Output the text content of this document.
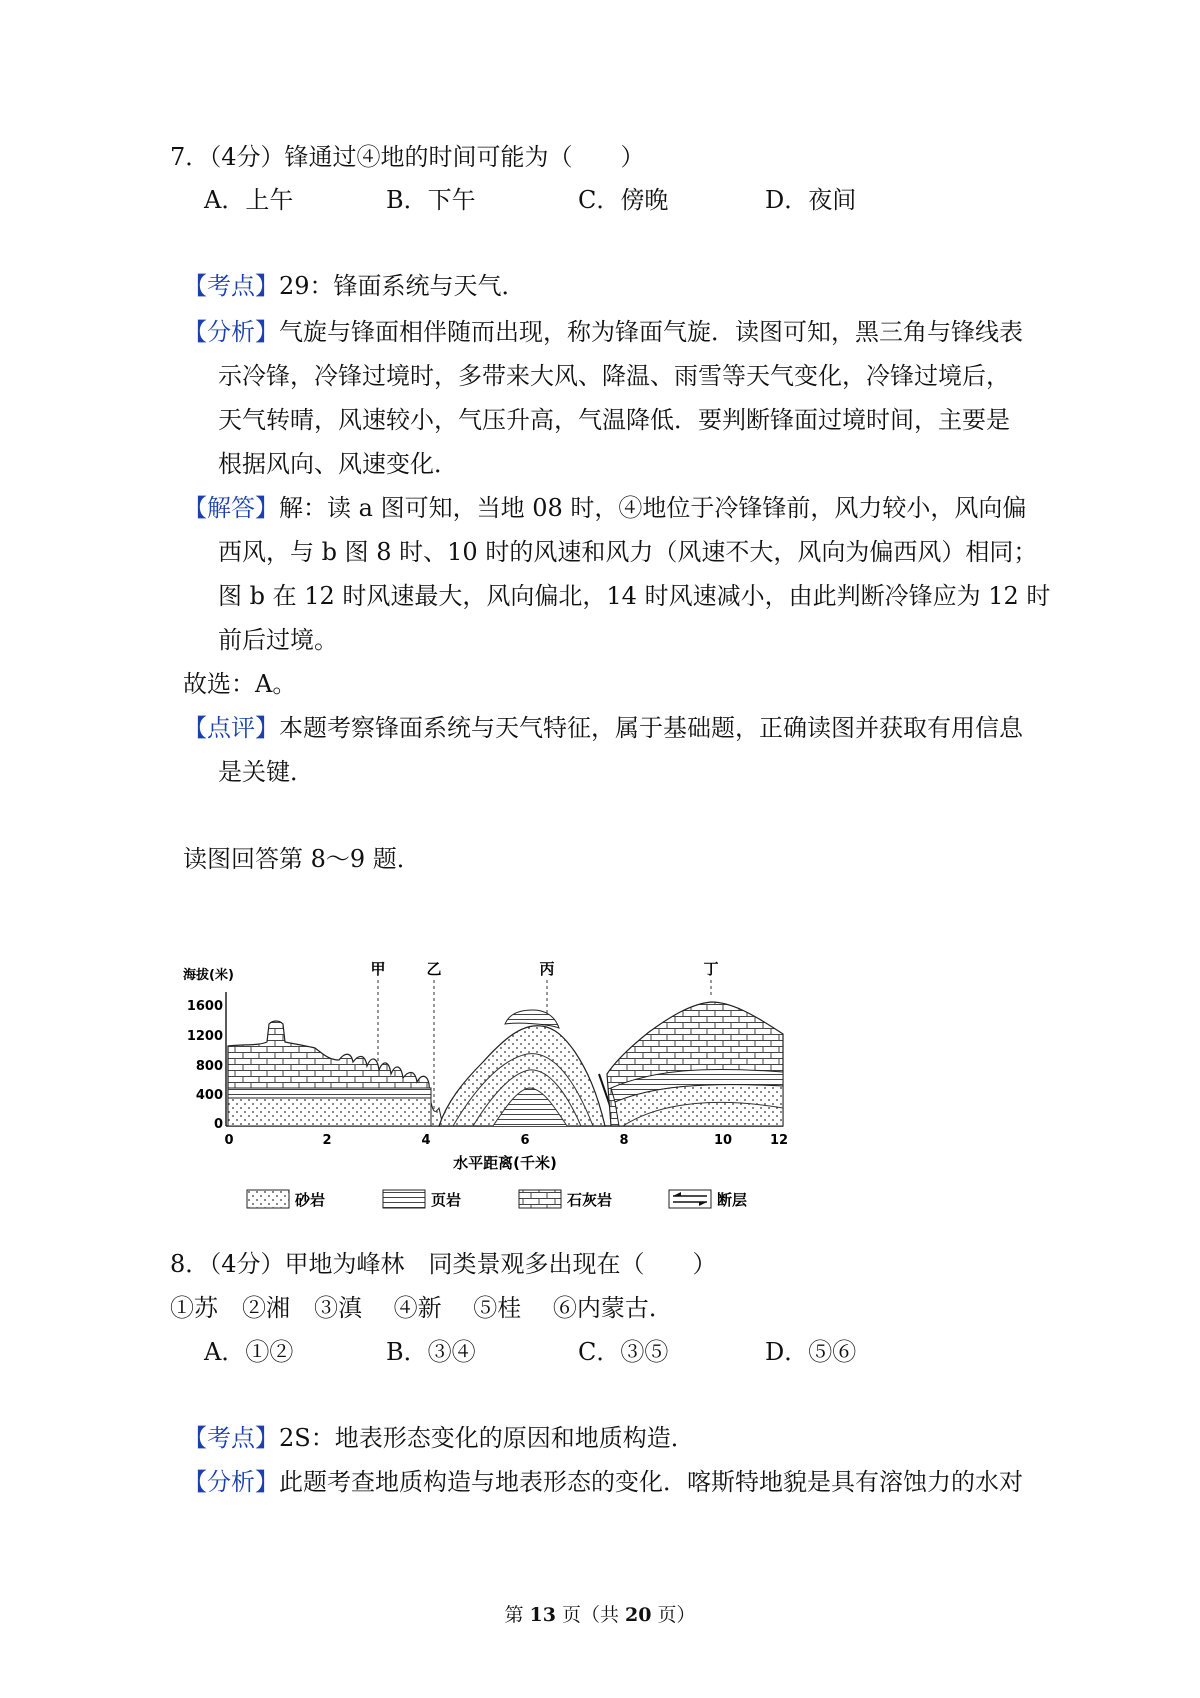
7．（4分）锋通过④地的时间可能为（　　）
A．上午	B．下午	C．傍晚	D．夜间
【考点】29：锋面系统与天气．
【分析】气旋与锋面相伴随而出现，称为锋面气旋．读图可知，黑三角与锋线表
示冷锋，冷锋过境时，多带来大风、降温、雨雪等天气变化，冷锋过境后，
天气转晴，风速较小，气压升高，气温降低．要判断锋面过境时间，主要是
根据风向、风速变化．
【解答】解：读 a 图可知，当地 08 时，④地位于冷锋锋前，风力较小，风向偏
西风，与 b 图 8 时、10 时的风速和风力（风速不大，风向为偏西风）相同；
图 b 在 12 时风速最大，风向偏北，14 时风速减小，由此判断冷锋应为 12 时
前后过境。
故选：A。
【点评】本题考察锋面系统与天气特征，属于基础题，正确读图并获取有用信息
是关键．
读图回答第 8～9 题．
海拔(米)
1600
1200
800
400
0
甲	乙	丙	丁
0	2	4	6	8	10	12
水平距离(千米)
砂岩	页岩	石灰岩	断层
8．（4分）甲地为峰林　同类景观多出现在（　　）
①苏　②湘　③滇　 ④新　 ⑤桂　 ⑥内蒙古．
A．①②	B．③④	C．③⑤	D．⑤⑥
【考点】2S：地表形态变化的原因和地质构造．
【分析】此题考查地质构造与地表形态的变化．喀斯特地貌是具有溶蚀力的水对
第 13 页（共 20 页）
